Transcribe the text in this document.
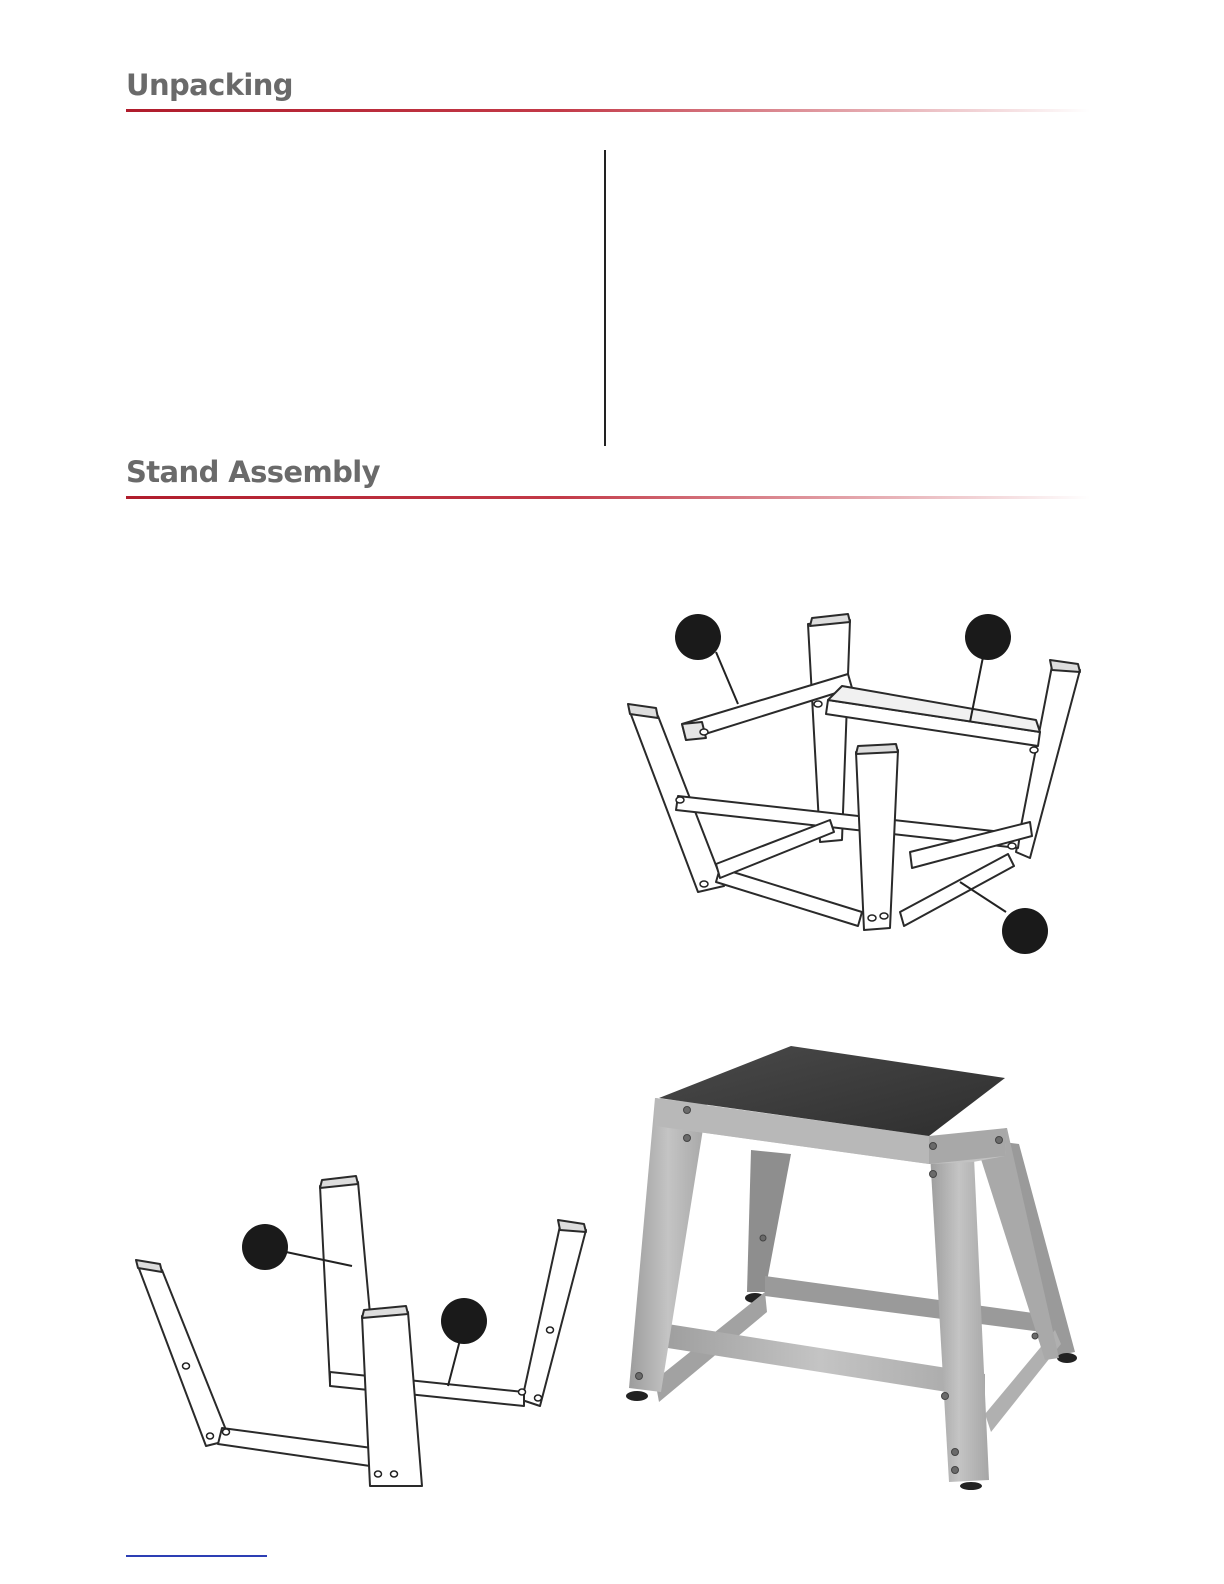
Unpacking
Stand Assembly
